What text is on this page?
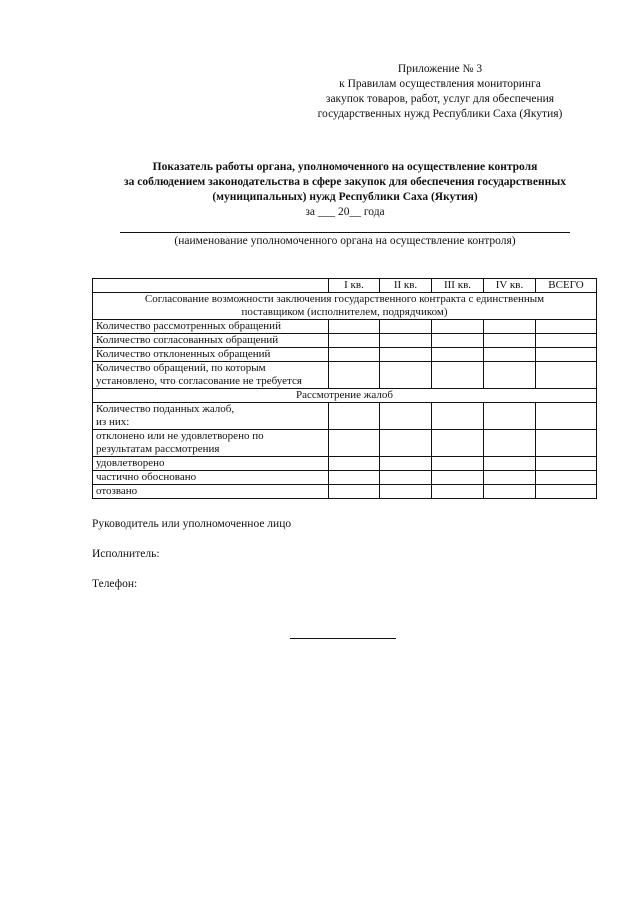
Приложение № 3
к Правилам осуществления мониторинга
закупок товаров, работ, услуг для обеспечения
государственных нужд Республики Саха (Якутия)
Показатель работы органа, уполномоченного на осуществление контроля
за соблюдением законодательства в сфере закупок для обеспечения государственных
(муниципальных) нужд Республики Саха (Якутия)
за ___ 20__ года
(наименование уполномоченного органа на осуществление контроля)
	I кв.	II кв.	III кв.	IV кв.	ВСЕГО
Согласование возможности заключения государственного контракта с единственным поставщиком (исполнителем, подрядчиком)					
Количество рассмотренных обращений					
Количество согласованных обращений					
Количество отклоненных обращений					
Количество обращений, по которым установлено, что согласование не требуется					
Рассмотрение жалоб					
Количество поданных жалоб, из них:					
отклонено или не удовлетворено по результатам рассмотрения					
удовлетворено					
частично обосновано					
отозвано					
Руководитель или уполномоченное лицо
Исполнитель:
Телефон:
